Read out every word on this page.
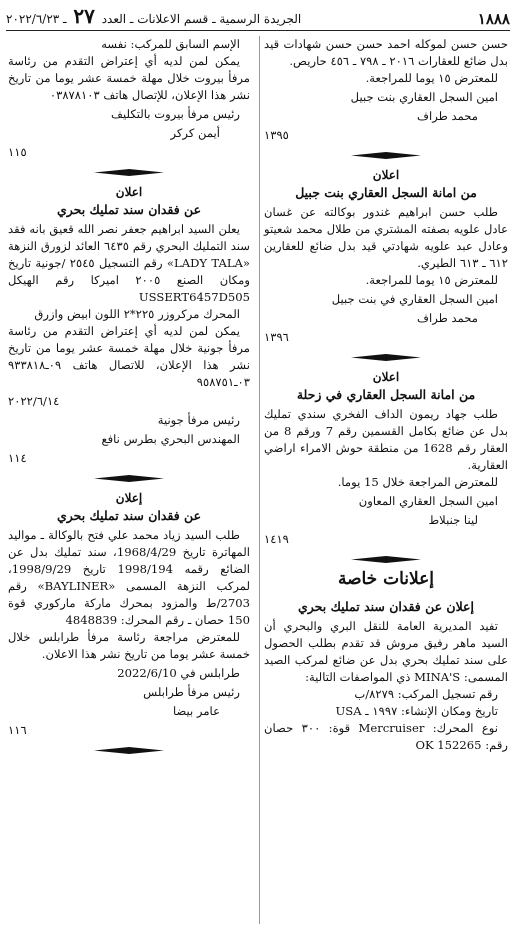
١٨٨٨
الجريدة الرسمية ـ قسم الاعلانات ـ العدد ٢٧ ـ ٢٠٢٢/٦/٢٣

حسن حسن لموكله احمد حسن حسن شهادات قيد بدل ضائع للعقارات ٢٠١٦ ـ ٧٩٨ ـ ٤٥٦ حاريص.

للمعترض ١٥ يوما للمراجعة.

امين السجل العقاري بنت جبيل

محمد طراف

١٣٩٥

اعلان
من امانة السجل العقاري بنت جبيل

طلب حسن ابراهيم غندور بوكالته عن غسان عادل علويه بصفته المشتري من طلال محمد شعيتو وعادل عبد علويه شهادتي قيد بدل ضائع للعقارين ٦١٢ ـ ٦١٣ الطيري.

للمعترض ١٥ يوما للمراجعة.

امين السجل العقاري في بنت جبيل

محمد طراف

١٣٩٦

اعلان
من امانة السجل العقاري في زحلة

طلب جهاد ريمون الداف الفخري سندي تمليك بدل عن ضائع بكامل القسمين رقم 7 ورقم 8 من العقار رقم 1628 من منطقة حوش الامراء اراضي العقارية.

للمعترض المراجعة خلال 15 يوما.

امين السجل العقاري المعاون

لينا جنبلاط

١٤١٩

إعلانات خاصة
إعلان عن فقدان سند تمليك بحري

تفيد المديرية العامة للنقل البري والبحري أن السيد ماهر رفيق مروش قد تقدم بطلب الحصول على سند تمليك بحري بدل عن ضائع لمركب الصيد المسمى: MINA'S ذي المواصفات التالية:

رقم تسجيل المركب: ٨٢٧٩/ب

تاريخ ومكان الإنشاء: ١٩٩٧ ـ USA

نوع المحرك: Mercruiser قوة: ٣٠٠ حصان رقم: OK 152265

الإسم السابق للمركب: نفسه

يمكن لمن لديه أي إعتراض التقدم من رئاسة مرفأ بيروت خلال مهلة خمسة عشر يوما من تاريخ نشر هذا الإعلان، للإتصال هاتف ٠٣٨٧٨١٠٣

رئيس مرفأ بيروت بالتكليف

أيمن كركر

١١٥

اعلان
عن فقدان سند تمليك بحري

يعلن السيد ابراهيم جعفر نصر الله قعيق بانه فقد سند التمليك البحري رقم ٦٤٣٥ العائد لزورق النزهة «LADY TALA» رقم التسجيل ٢٥٤٥ /جونية تاريخ ومكان الصنع ٢٠٠٥ اميركا رقم الهيكل USSERT6457D505

المحرك مركروزر ٢٢٥*٢ اللون ابيض وازرق

يمكن لمن لديه أي إعتراض التقدم من رئاسة مرفأ جونية خلال مهلة خمسة عشر يوما من تاريخ نشر هذا الإعلان، للاتصال هاتف ٠٩ـ٩٣٣٨١٨ ٠٣ـ٩٥٨٧٥١

٢٠٢٢/٦/١٤

رئيس مرفأ جونية

المهندس البحري بطرس نافع

١١٤

إعلان
عن فقدان سند تمليك بحري

طلب السيد زياد محمد علي فتح بالوكالة ـ مواليد المهاترة تاريخ 1968/4/29، سند تمليك بدل عن الضائع رقمه 1998/194 تاريخ 1998/9/29، لمركب النزهة المسمى «BAYLINER» رقم 2703/ط والمزود بمحرك ماركة ماركوري قوة 150 حصان ـ رقم المحرك: 4848839

للمعترض مراجعة رئاسة مرفأ طرابلس خلال خمسة عشر يوما من تاريخ نشر هذا الاعلان.

طرابلس في 2022/6/10

رئيس مرفأ طرابلس

عامر بيضا

١١٦
